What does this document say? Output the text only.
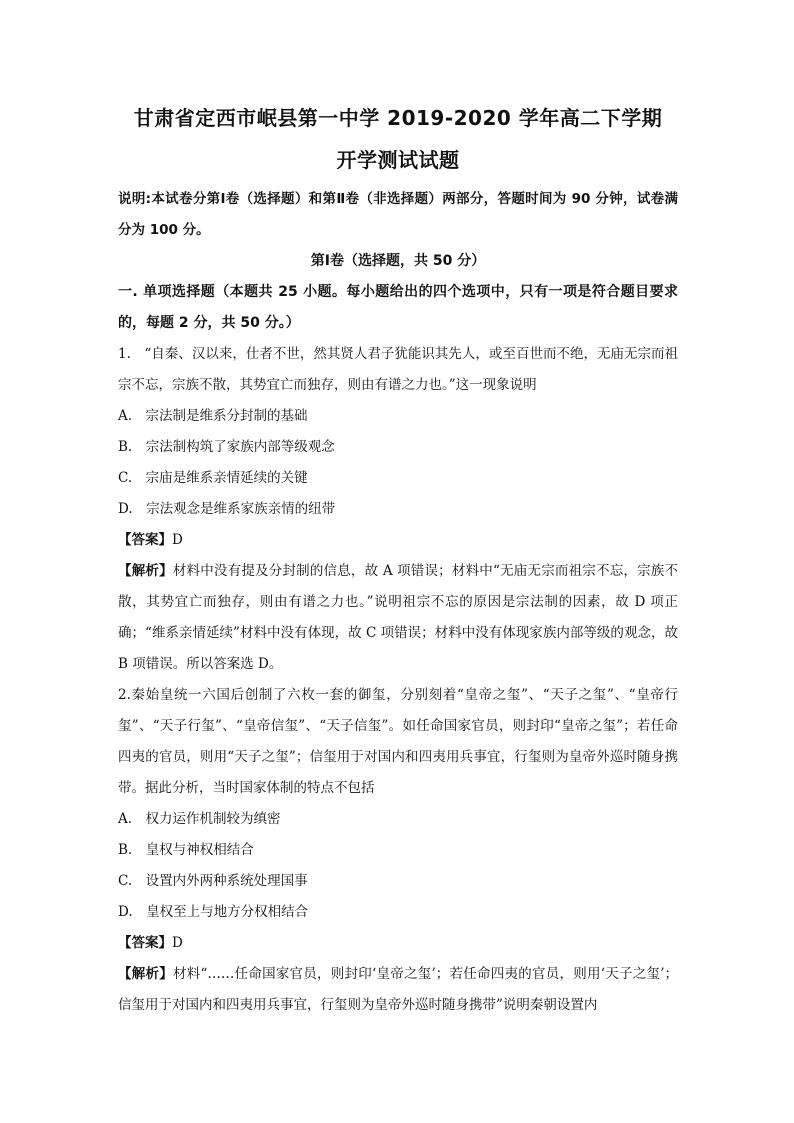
甘肃省定西市岷县第一中学 2019-2020 学年高二下学期

开学测试试题

说明:本试卷分第Ⅰ卷（选择题）和第Ⅱ卷（非选择题）两部分，答题时间为 90 分钟，试卷满分为 100 分。

第Ⅰ卷（选择题，共 50 分）

一. 单项选择题（本题共 25 小题。每小题给出的四个选项中，只有一项是符合题目要求的，每题 2 分，共 50 分。）

1.　“自秦、汉以来，仕者不世，然其贤人君子犹能识其先人，或至百世而不绝，无庙无宗而祖宗不忘，宗族不散，其势宜亡而独存，则由有谱之力也。”这一现象说明

A.　宗法制是维系分封制的基础

B.　宗法制构筑了家族内部等级观念

C.　宗庙是维系亲情延续的关键

D.　宗法观念是维系家族亲情的纽带

【答案】D

【解析】材料中没有提及分封制的信息，故 A 项错误；材料中“无庙无宗而祖宗不忘，宗族不散，其势宜亡而独存，则由有谱之力也。”说明祖宗不忘的原因是宗法制的因素，故 D 项正确；“维系亲情延续”材料中没有体现，故 C 项错误；材料中没有体现家族内部等级的观念，故 B 项错误。所以答案选 D。

2.秦始皇统一六国后创制了六枚一套的御玺，分别刻着“皇帝之玺”、“天子之玺”、“皇帝行玺”、“天子行玺”、“皇帝信玺”、“天子信玺”。如任命国家官员，则封印“皇帝之玺”；若任命四夷的官员，则用“天子之玺”；信玺用于对国内和四夷用兵事宜，行玺则为皇帝外巡时随身携带。据此分析，当时国家体制的特点不包括

A.　权力运作机制较为缜密

B.　皇权与神权相结合

C.　设置内外两种系统处理国事

D.　皇权至上与地方分权相结合

【答案】D

【解析】材料“……任命国家官员，则封印‘皇帝之玺’；若任命四夷的官员，则用‘天子之玺’；信玺用于对国内和四夷用兵事宜，行玺则为皇帝外巡时随身携带”说明秦朝设置内
